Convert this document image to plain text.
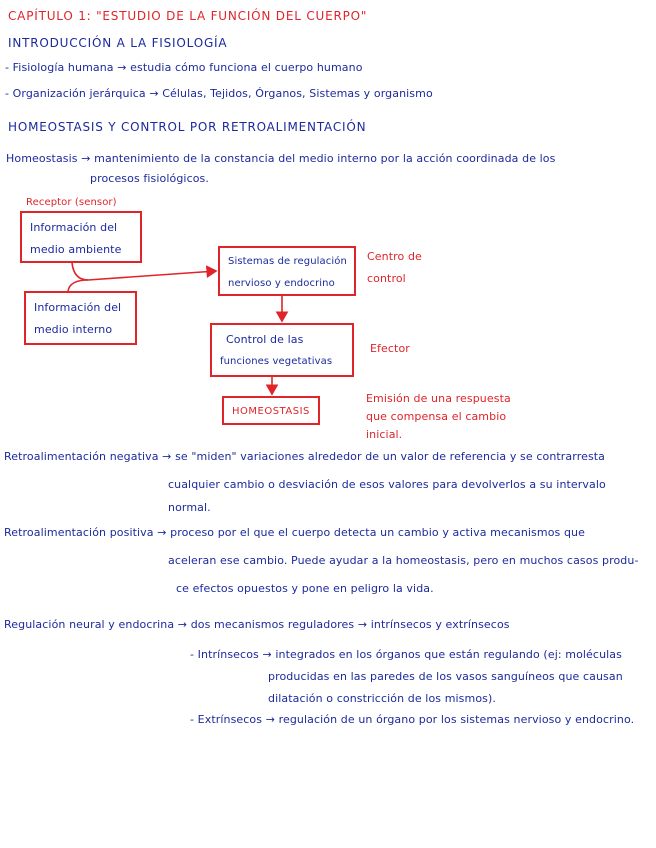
CAPÍTULO 1: "ESTUDIO DE LA FUNCIÓN DEL CUERPO"
INTRODUCCIÓN A LA FISIOLOGÍA
- Fisiología humana → estudia cómo funciona el cuerpo humano
- Organización jerárquica → Células, Tejidos, Órganos, Sistemas y organismo
HOMEOSTASIS Y CONTROL POR RETROALIMENTACIÓN
Homeostasis → mantenimiento de la constancia del medio interno por la acción coordinada de los
procesos fisiológicos.
Receptor (sensor)
Información del
medio ambiente
Información del
medio interno
Sistemas de regulación
nervioso y endocrino
Centro de
control
Control de las
funciones vegetativas
Efector
HOMEOSTASIS
Emisión de una respuesta
que compensa el cambio
inicial.
Retroalimentación negativa → se "miden" variaciones alrededor de un valor de referencia y se contrarresta
cualquier cambio o desviación de esos valores para devolverlos a su intervalo
normal.
Retroalimentación positiva → proceso por el que el cuerpo detecta un cambio y activa mecanismos que
aceleran ese cambio. Puede ayudar a la homeostasis, pero en muchos casos produ-
ce efectos opuestos y pone en peligro la vida.
Regulación neural y endocrina → dos mecanismos reguladores → intrínsecos y extrínsecos
- Intrínsecos → integrados en los órganos que están regulando (ej: moléculas
producidas en las paredes de los vasos sanguíneos que causan
dilatación o constricción de los mismos).
- Extrínsecos → regulación de un órgano por los sistemas nervioso y endocrino.
